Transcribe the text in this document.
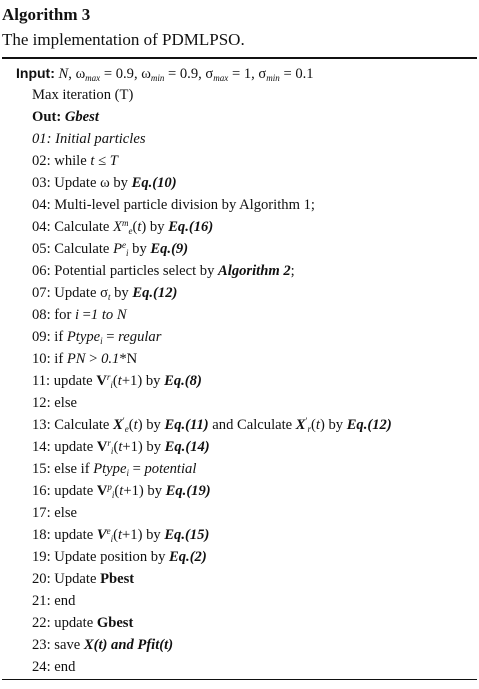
Algorithm 3
The implementation of PDMLPSO.
Input: N, $\omega_{max} = 0.9$, $\omega_{min} = 0.9$, $\sigma_{max} = 1$, $\sigma_{min} = 0.1$
Max iteration (T)
Out: Gbest
01: Initial particles
02: while t ≤ T
03: Update ω by Eq.(10)
04: Multi-level particle division by Algorithm 1;
04: Calculate $X^m_e(t)$ by Eq.(16)
05: Calculate $P^e_i$ by Eq.(9)
06: Potential particles select by Algorithm 2;
07: Update $\sigma_t$ by Eq.(12)
08: for i =1 to N
09: if Ptype$_i$ = regular
10: if PN > 0.1*N
11: update $V^r_i(t+1)$ by Eq.(8)
12: else
13: Calculate $X'_e(t)$ by Eq.(11) and Calculate $X'_r(t)$ by Eq.(12)
14: update $V^r_i(t+1)$ by Eq.(14)
15: else if Ptype$_i$ = potential
16: update $V^p_i(t+1)$ by Eq.(19)
17: else
18: update $V^e_i(t+1)$ by Eq.(15)
19: Update position by Eq.(2)
20: Update Pbest
21: end
22: update Gbest
23: save X(t) and Pfit(t)
24: end
